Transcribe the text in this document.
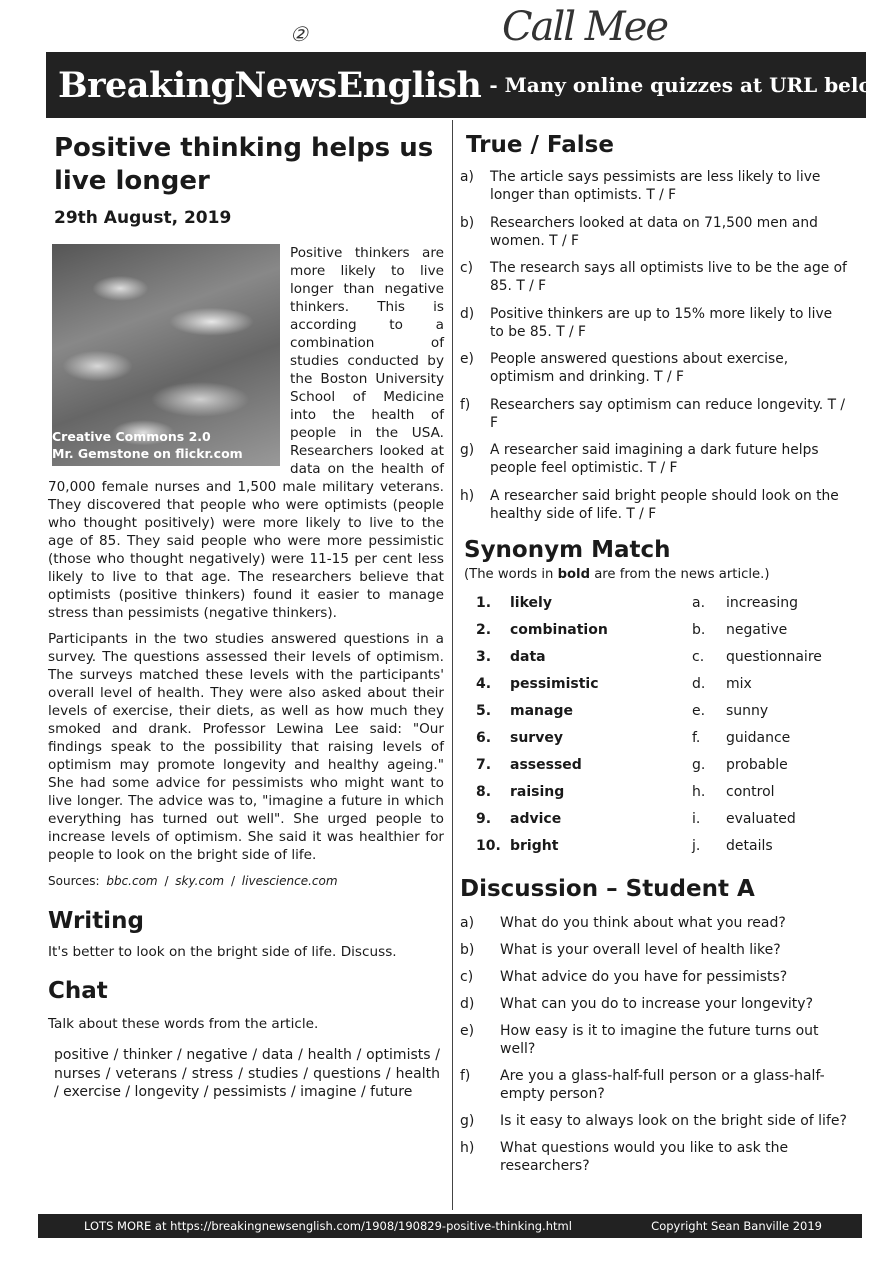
②	Call Mee
BreakingNewsEnglish - Many online quizzes at URL below
Positive thinking helps us live longer
29th August, 2019
Creative Commons 2.0
Mr. Gemstone on flickr.com

Positive thinkers are more likely to live longer than negative thinkers. This is according to a combination of studies conducted by the Boston University School of Medicine into the health of people in the USA. Researchers looked at data on the health of 70,000 female nurses and 1,500 male military veterans. They discovered that people who were optimists (people who thought positively) were more likely to live to the age of 85. They said people who were more pessimistic (those who thought negatively) were 11-15 per cent less likely to live to that age. The researchers believe that optimists (positive thinkers) found it easier to manage stress than pessimists (negative thinkers).

Participants in the two studies answered questions in a survey. The questions assessed their levels of optimism. The surveys matched these levels with the participants' overall level of health. They were also asked about their levels of exercise, their diets, as well as how much they smoked and drank. Professor Lewina Lee said: "Our findings speak to the possibility that raising levels of optimism may promote longevity and healthy ageing." She had some advice for pessimists who might want to live longer. The advice was to, "imagine a future in which everything has turned out well". She urged people to increase levels of optimism. She said it was healthier for people to look on the bright side of life.

Sources: bbc.com / sky.com / livescience.com
Writing
It's better to look on the bright side of life. Discuss.
Chat
Talk about these words from the article.
positive / thinker / negative / data / health / optimists / nurses / veterans / stress / studies / questions / health / exercise / longevity / pessimists / imagine / future
True / False
a)	The article says pessimists are less likely to live longer than optimists. T / F
b)	Researchers looked at data on 71,500 men and women. T / F
c)	The research says all optimists live to be the age of 85. T / F
d)	Positive thinkers are up to 15% more likely to live to be 85. T / F
e)	People answered questions about exercise, optimism and drinking. T / F
f)	Researchers say optimism can reduce longevity. T / F
g)	A researcher said imagining a dark future helps people feel optimistic. T / F
h)	A researcher said bright people should look on the healthy side of life. T / F
Synonym Match
(The words in bold are from the news article.)
1.	likely	a.	increasing
2.	combination	b.	negative
3.	data	c.	questionnaire
4.	pessimistic	d.	mix
5.	manage	e.	sunny
6.	survey	f.	guidance
7.	assessed	g.	probable
8.	raising	h.	control
9.	advice	i.	evaluated
10. bright	j.	details
Discussion – Student A
a)	What do you think about what you read?
b)	What is your overall level of health like?
c)	What advice do you have for pessimists?
d)	What can you do to increase your longevity?
e)	How easy is it to imagine the future turns out well?
f)	Are you a glass-half-full person or a glass-half-empty person?
g)	Is it easy to always look on the bright side of life?
h)	What questions would you like to ask the researchers?
LOTS MORE at https://breakingnewsenglish.com/1908/190829-positive-thinking.html	Copyright Sean Banville 2019
